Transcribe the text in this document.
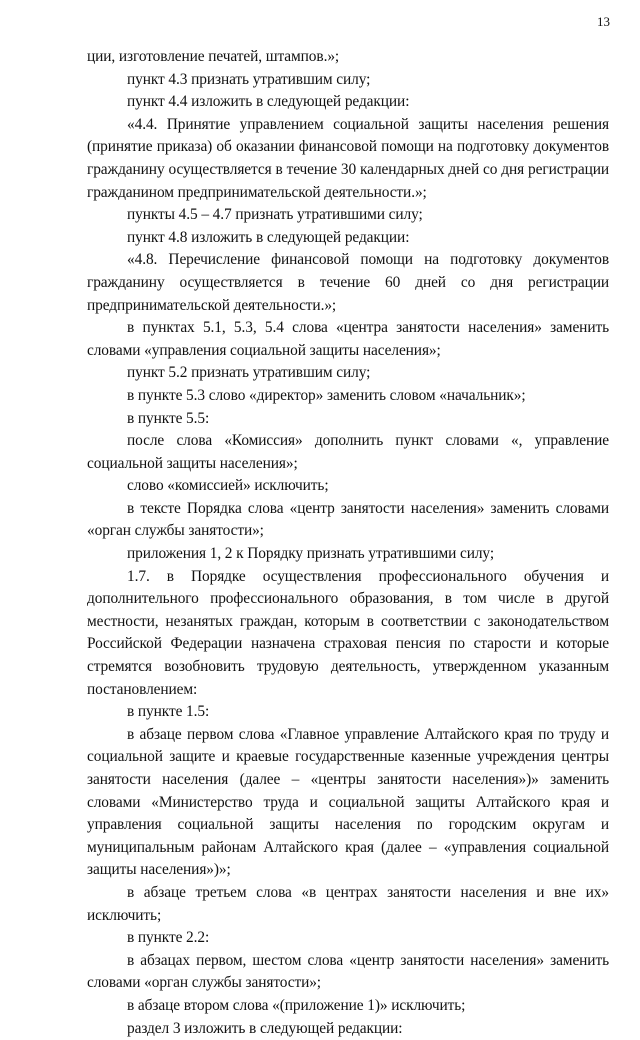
13

ции, изготовление печатей, штампов.»;

пункт 4.3 признать утратившим силу;

пункт 4.4 изложить в следующей редакции:

«4.4. Принятие управлением социальной защиты населения решения (принятие приказа) об оказании финансовой помощи на подготовку документов гражданину осуществляется в течение 30 календарных дней со дня регистрации гражданином предпринимательской деятельности.»;

пункты 4.5 – 4.7 признать утратившими силу;

пункт 4.8 изложить в следующей редакции:

«4.8. Перечисление финансовой помощи на подготовку документов гражданину осуществляется в течение 60 дней со дня регистрации предпринимательской деятельности.»;

в пунктах 5.1, 5.3, 5.4 слова «центра занятости населения» заменить словами «управления социальной защиты населения»;

пункт 5.2 признать утратившим силу;

в пункте 5.3 слово «директор» заменить словом «начальник»;

в пункте 5.5:

после слова «Комиссия» дополнить пункт словами «, управление социальной защиты населения»;

слово «комиссией» исключить;

в тексте Порядка слова «центр занятости населения» заменить словами «орган службы занятости»;

приложения 1, 2 к Порядку признать утратившими силу;

1.7. в Порядке осуществления профессионального обучения и дополнительного профессионального образования, в том числе в другой местности, незанятых граждан, которым в соответствии с законодательством Российской Федерации назначена страховая пенсия по старости и которые стремятся возобновить трудовую деятельность, утвержденном указанным постановлением:

в пункте 1.5:

в абзаце первом слова «Главное управление Алтайского края по труду и социальной защите и краевые государственные казенные учреждения центры занятости населения (далее – «центры занятости населения»)» заменить словами «Министерство труда и социальной защиты Алтайского края и управления социальной защиты населения по городским округам и муниципальным районам Алтайского края (далее – «управления социальной защиты населения»)»;

в абзаце третьем слова «в центрах занятости населения и вне их» исключить;

в пункте 2.2:

в абзацах первом, шестом слова «центр занятости населения» заменить словами «орган службы занятости»;

в абзаце втором слова «(приложение 1)» исключить;

раздел 3 изложить в следующей редакции:
